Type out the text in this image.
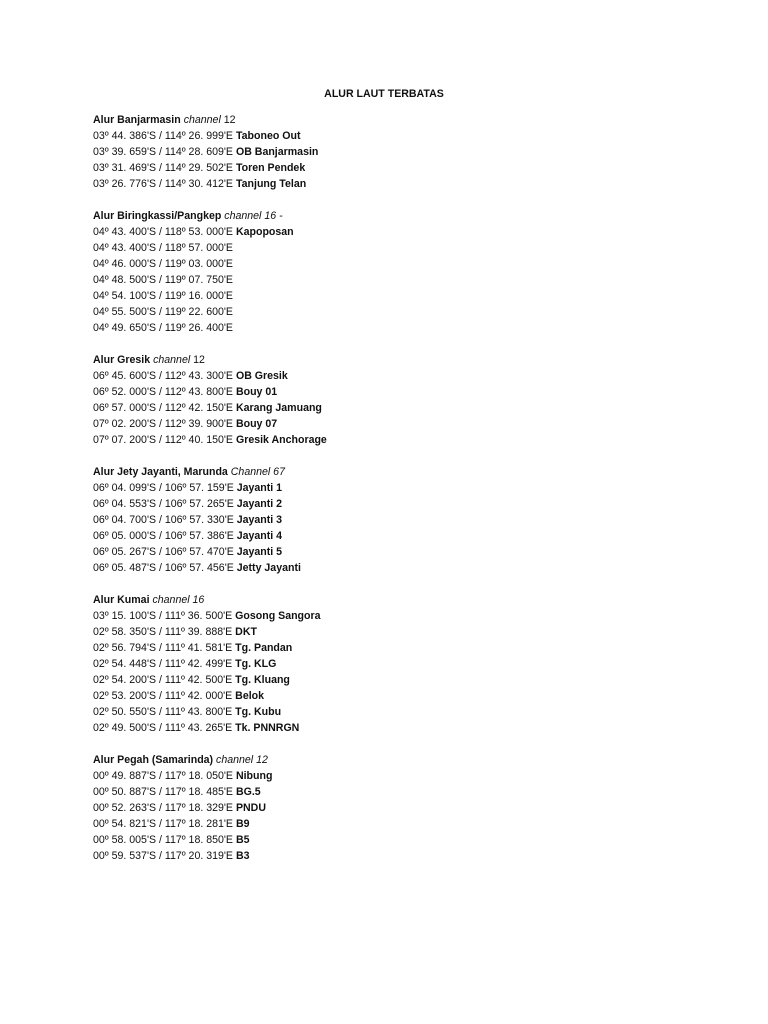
ALUR LAUT TERBATAS
Alur Banjarmasin channel 12
03º 44. 386'S / 114º 26. 999'E Taboneo Out
03º 39. 659'S / 114º 28. 609'E OB Banjarmasin
03º 31. 469'S / 114º 29. 502'E Toren Pendek
03º 26. 776'S / 114º 30. 412'E Tanjung Telan
Alur Biringkassi/Pangkep channel 16 -
04º 43. 400'S / 118º 53. 000'E Kapoposan
04º 43. 400'S / 118º 57. 000'E
04º 46. 000'S / 119º 03. 000'E
04º 48. 500'S / 119º 07. 750'E
04º 54. 100'S / 119º 16. 000'E
04º 55. 500'S / 119º 22. 600'E
04º 49. 650'S / 119º 26. 400'E
Alur Gresik channel 12
06º 45. 600'S / 112º 43. 300'E OB Gresik
06º 52. 000'S / 112º 43. 800'E Bouy 01
06º 57. 000'S / 112º 42. 150'E Karang Jamuang
07º 02. 200'S / 112º 39. 900'E Bouy 07
07º 07. 200'S / 112º 40. 150'E Gresik Anchorage
Alur Jety Jayanti, Marunda Channel 67
06º 04. 099'S / 106º 57. 159'E Jayanti 1
06º 04. 553'S / 106º 57. 265'E Jayanti 2
06º 04. 700'S / 106º 57. 330'E Jayanti 3
06º 05. 000'S / 106º 57. 386'E Jayanti 4
06º 05. 267'S / 106º 57. 470'E Jayanti 5
06º 05. 487'S / 106º 57. 456'E Jetty Jayanti
Alur Kumai channel 16
03º 15. 100'S / 111º 36. 500'E Gosong Sangora
02º 58. 350'S / 111º 39. 888'E DKT
02º 56. 794'S / 111º 41. 581'E Tg. Pandan
02º 54. 448'S / 111º 42. 499'E Tg. KLG
02º 54. 200'S / 111º 42. 500'E Tg. Kluang
02º 53. 200'S / 111º 42. 000'E Belok
02º 50. 550'S / 111º 43. 800'E Tg. Kubu
02º 49. 500'S / 111º 43. 265'E Tk. PNNRGN
Alur Pegah (Samarinda) channel 12
00º 49. 887'S / 117º 18. 050'E Nibung
00º 50. 887'S / 117º 18. 485'E BG.5
00º 52. 263'S / 117º 18. 329'E PNDU
00º 54. 821'S / 117º 18. 281'E B9
00º 58. 005'S / 117º 18. 850'E B5
00º 59. 537'S / 117º 20. 319'E B3
